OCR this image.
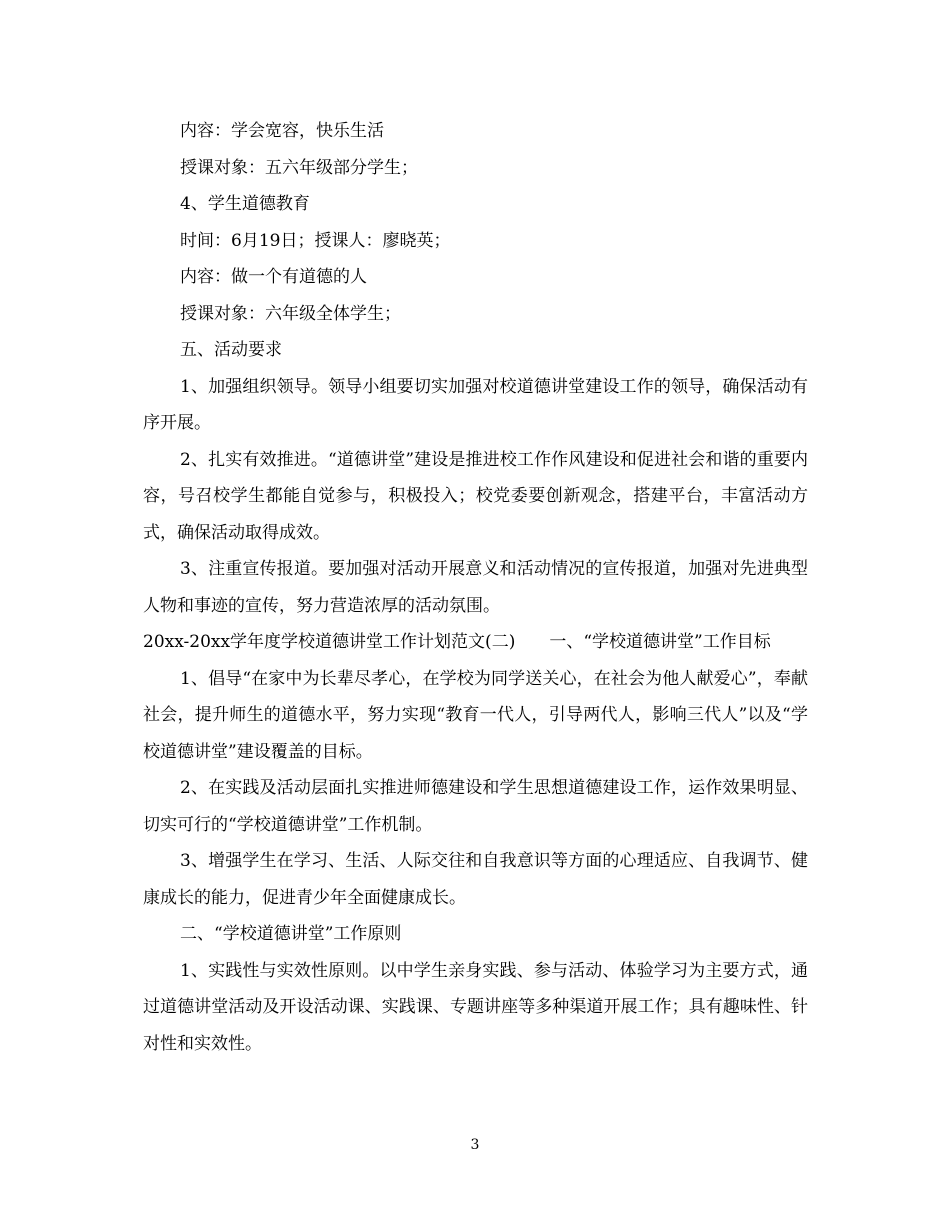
内容：学会宽容，快乐生活

授课对象：五六年级部分学生；

4、学生道德教育

时间：6月19日；授课人：廖晓英；

内容：做一个有道德的人

授课对象：六年级全体学生；

五、活动要求

1、加强组织领导。领导小组要切实加强对校道德讲堂建设工作的领导，确保活动有序开展。

2、扎实有效推进。“道德讲堂”建设是推进校工作作风建设和促进社会和谐的重要内容，号召校学生都能自觉参与，积极投入；校党委要创新观念，搭建平台，丰富活动方式，确保活动取得成效。

3、注重宣传报道。要加强对活动开展意义和活动情况的宣传报道，加强对先进典型人物和事迹的宣传，努力营造浓厚的活动氛围。

20xx-20xx学年度学校道德讲堂工作计划范文(二)　　一、“学校道德讲堂”工作目标

1、倡导“在家中为长辈尽孝心，在学校为同学送关心，在社会为他人献爱心”，奉献社会，提升师生的道德水平，努力实现“教育一代人，引导两代人，影响三代人”以及“学校道德讲堂”建设覆盖的目标。

2、在实践及活动层面扎实推进师德建设和学生思想道德建设工作，运作效果明显、切实可行的“学校道德讲堂”工作机制。

3、增强学生在学习、生活、人际交往和自我意识等方面的心理适应、自我调节、健康成长的能力，促进青少年全面健康成长。

二、“学校道德讲堂”工作原则

1、实践性与实效性原则。以中学生亲身实践、参与活动、体验学习为主要方式，通过道德讲堂活动及开设活动课、实践课、专题讲座等多种渠道开展工作；具有趣味性、针对性和实效性。

3
